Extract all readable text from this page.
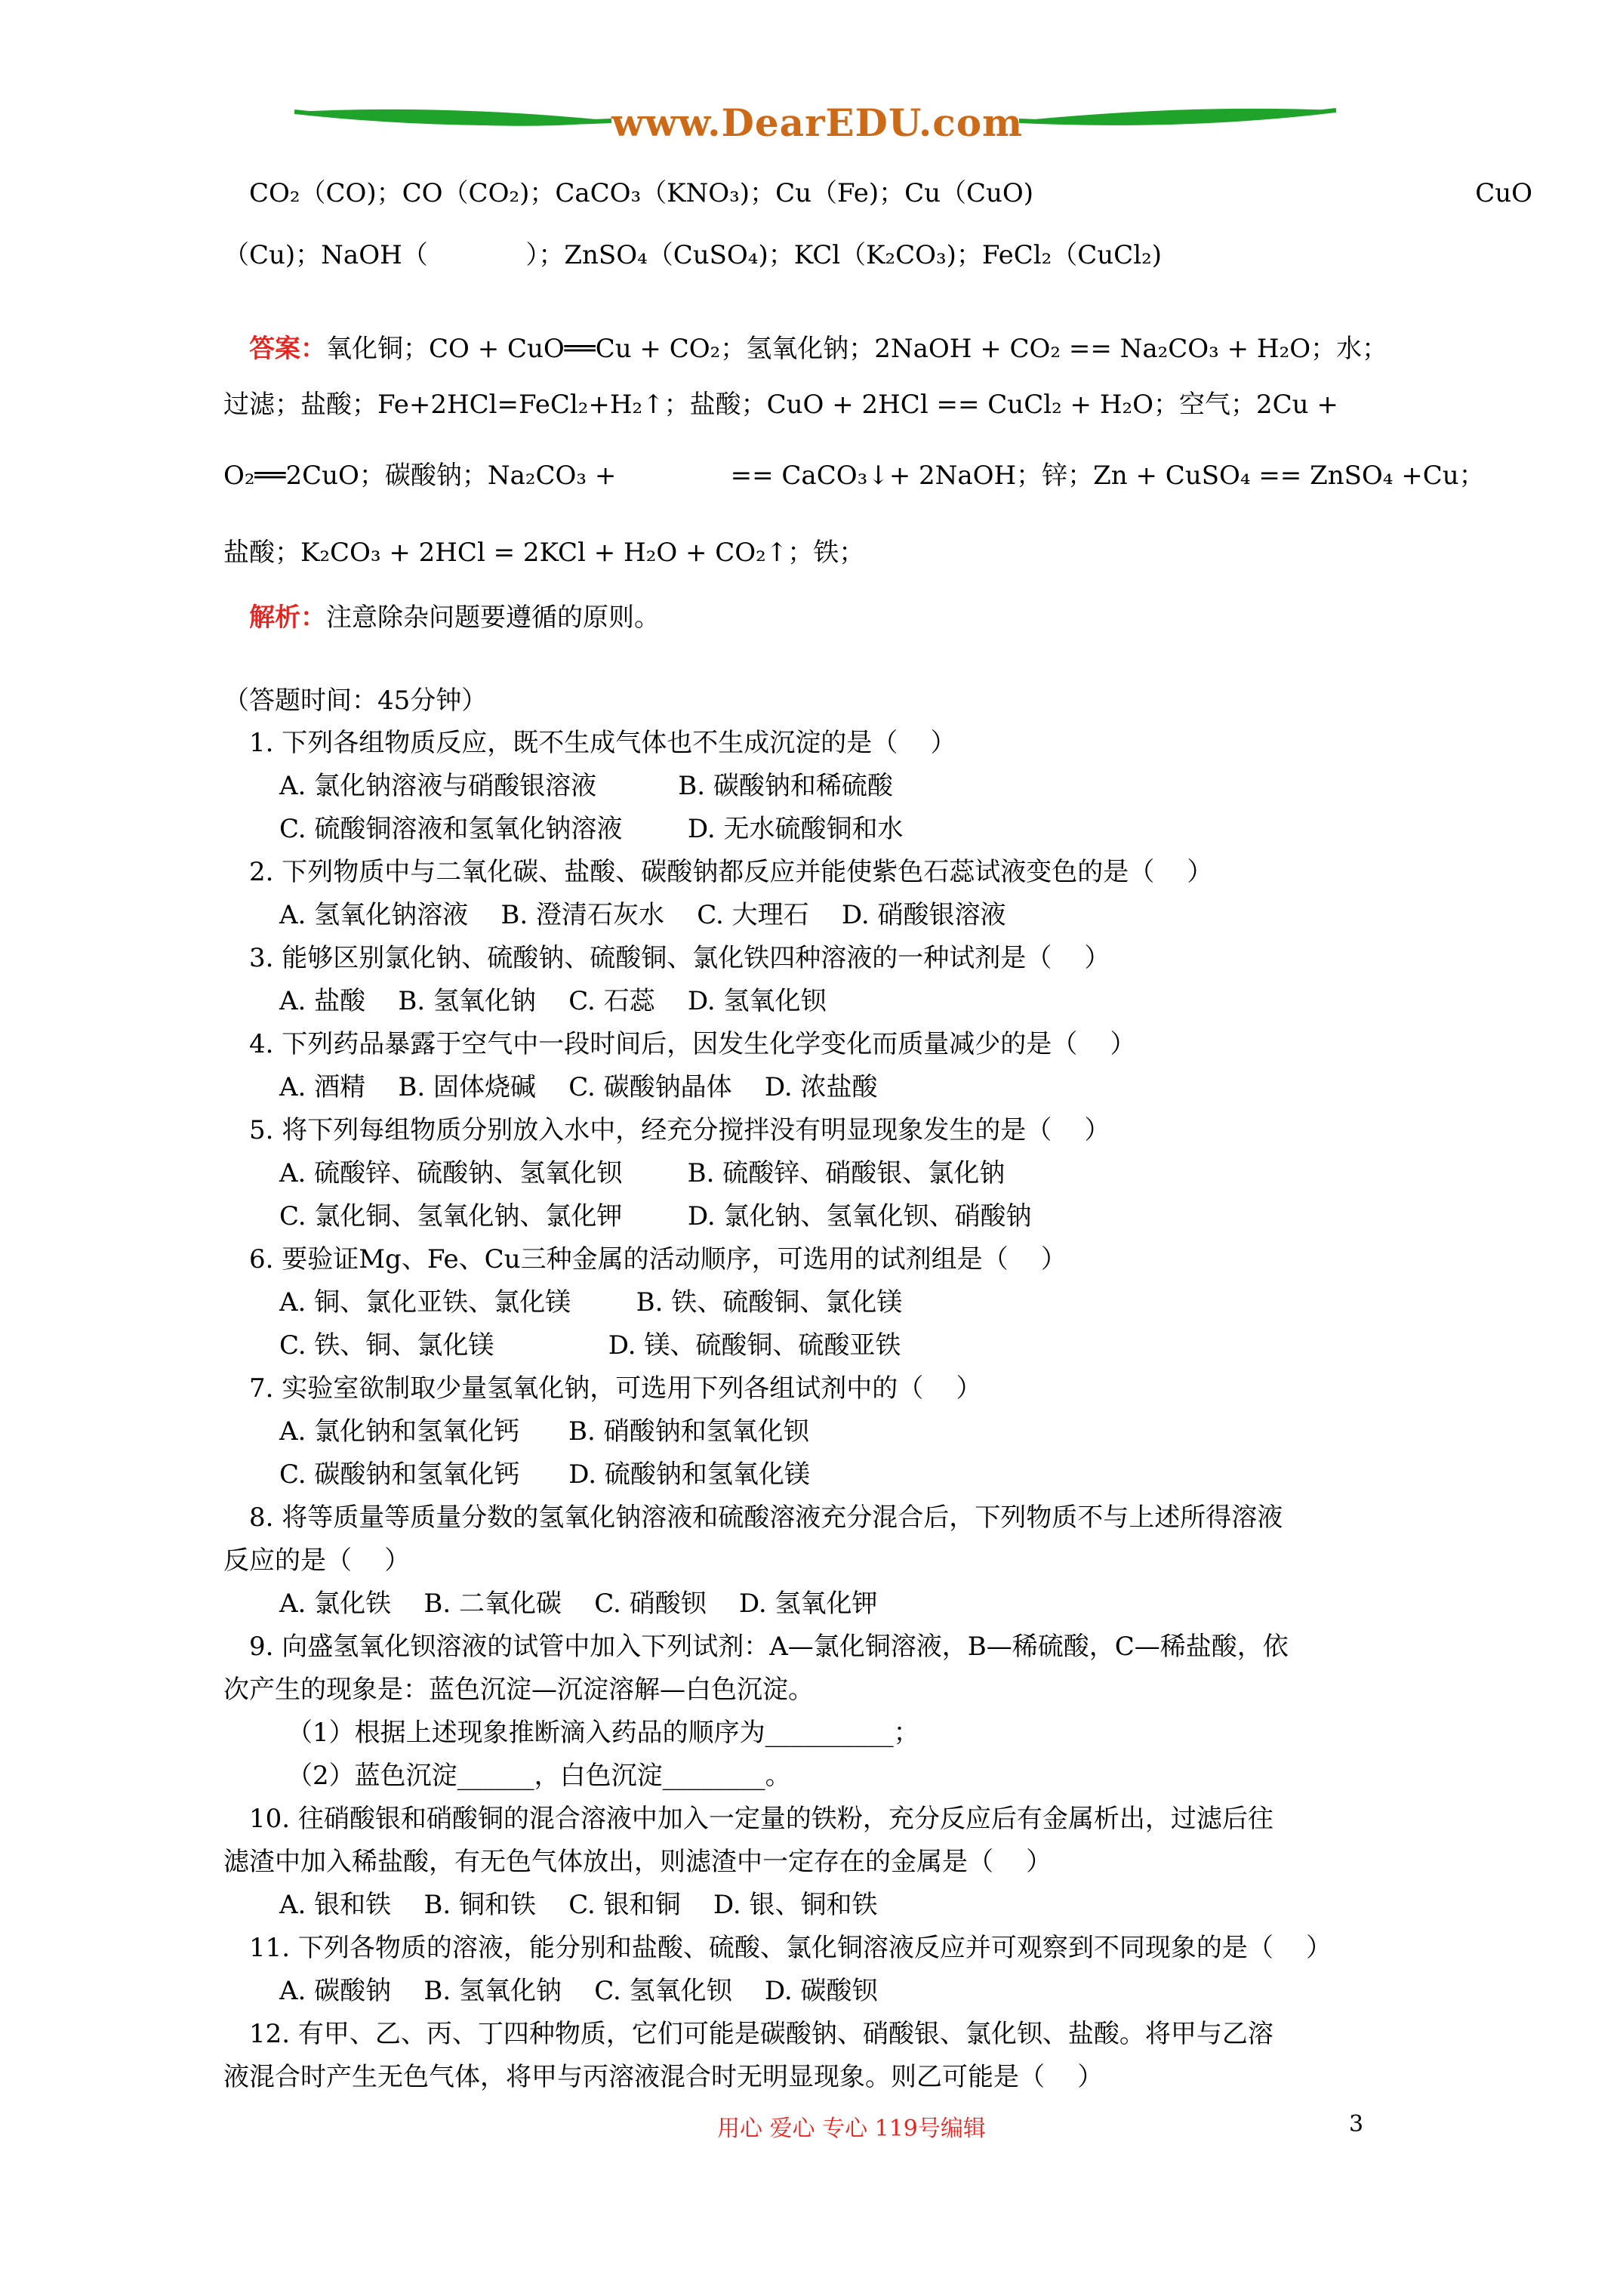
www.DearEDU.com
CO₂（CO)；CO（CO₂)；CaCO₃（KNO₃)；Cu（Fe)；Cu（CuO)	CuO
（Cu)；NaOH（            ）；ZnSO₄（CuSO₄)；KCl（K₂CO₃)；FeCl₂（CuCl₂)
答案：氧化铜；CO + CuO══Cu + CO₂；氢氧化钠；2NaOH + CO₂ == Na₂CO₃ + H₂O；水；
过滤；盐酸；Fe+2HCl=FeCl₂+H₂↑；盐酸；CuO + 2HCl == CuCl₂ + H₂O；空气；2Cu +
O₂══2CuO；碳酸钠；Na₂CO₃ +              == CaCO₃↓+ 2NaOH；锌；Zn + CuSO₄ == ZnSO₄ +Cu；
盐酸；K₂CO₃ + 2HCl = 2KCl + H₂O + CO₂↑；铁；
解析：注意除杂问题要遵循的原则。
（答题时间：45分钟）
1. 下列各组物质反应，既不生成气体也不生成沉淀的是（    ）
A. 氯化钠溶液与硝酸银溶液          B. 碳酸钠和稀硫酸
C. 硫酸铜溶液和氢氧化钠溶液        D. 无水硫酸铜和水
2. 下列物质中与二氧化碳、盐酸、碳酸钠都反应并能使紫色石蕊试液变色的是（    ）
A. 氢氧化钠溶液    B. 澄清石灰水    C. 大理石    D. 硝酸银溶液
3. 能够区别氯化钠、硫酸钠、硫酸铜、氯化铁四种溶液的一种试剂是（    ）
A. 盐酸    B. 氢氧化钠    C. 石蕊    D. 氢氧化钡
4. 下列药品暴露于空气中一段时间后，因发生化学变化而质量减少的是（    ）
A. 酒精    B. 固体烧碱    C. 碳酸钠晶体    D. 浓盐酸
5. 将下列每组物质分别放入水中，经充分搅拌没有明显现象发生的是（    ）
A. 硫酸锌、硫酸钠、氢氧化钡        B. 硫酸锌、硝酸银、氯化钠
C. 氯化铜、氢氧化钠、氯化钾        D. 氯化钠、氢氧化钡、硝酸钠
6. 要验证Mg、Fe、Cu三种金属的活动顺序，可选用的试剂组是（    ）
A. 铜、氯化亚铁、氯化镁        B. 铁、硫酸铜、氯化镁
C. 铁、铜、氯化镁              D. 镁、硫酸铜、硫酸亚铁
7. 实验室欲制取少量氢氧化钠，可选用下列各组试剂中的（    ）
A. 氯化钠和氢氧化钙      B. 硝酸钠和氢氧化钡
C. 碳酸钠和氢氧化钙      D. 硫酸钠和氢氧化镁
8. 将等质量等质量分数的氢氧化钠溶液和硫酸溶液充分混合后，下列物质不与上述所得溶液
反应的是（    ）
A. 氯化铁    B. 二氧化碳    C. 硝酸钡    D. 氢氧化钾
9. 向盛氢氧化钡溶液的试管中加入下列试剂：A—氯化铜溶液，B—稀硫酸，C—稀盐酸，依
次产生的现象是：蓝色沉淀—沉淀溶解—白色沉淀。
（1）根据上述现象推断滴入药品的顺序为__________；
（2）蓝色沉淀______，白色沉淀________。
10. 往硝酸银和硝酸铜的混合溶液中加入一定量的铁粉，充分反应后有金属析出，过滤后往
滤渣中加入稀盐酸，有无色气体放出，则滤渣中一定存在的金属是（    ）
A. 银和铁    B. 铜和铁    C. 银和铜    D. 银、铜和铁
11. 下列各物质的溶液，能分别和盐酸、硫酸、氯化铜溶液反应并可观察到不同现象的是（    ）
A. 碳酸钠    B. 氢氧化钠    C. 氢氧化钡    D. 碳酸钡
12. 有甲、乙、丙、丁四种物质，它们可能是碳酸钠、硝酸银、氯化钡、盐酸。将甲与乙溶
液混合时产生无色气体，将甲与丙溶液混合时无明显现象。则乙可能是（    ）
用心 爱心 专心 119号编辑	3
